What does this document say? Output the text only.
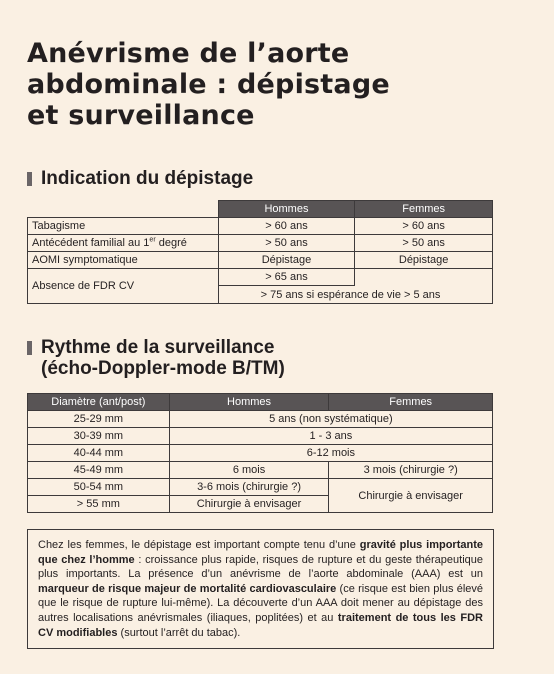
Anévrisme de l’aorte
abdominale : dépistage
et surveillance
Indication du dépistage
	Hommes	Femmes
Tabagisme	> 60 ans	> 60 ans
Antécédent familial au 1er degré	> 50 ans	> 50 ans
AOMI symptomatique	Dépistage	Dépistage
Absence de FDR CV	> 65 ans	
	> 75 ans si espérance de vie > 5 ans	
Rythme de la surveillance
(écho-Doppler-mode B/TM)
Diamètre (ant/post)	Hommes	Femmes
25-29 mm	5 ans (non systématique)	
30-39 mm	1 - 3 ans	
40-44 mm	6-12 mois	
45-49 mm	6 mois	3 mois (chirurgie ?)
50-54 mm	3-6 mois (chirurgie ?)	Chirurgie à envisager
> 55 mm	Chirurgie à envisager	
Chez les femmes, le dépistage est important compte tenu d’une gravité plus importante que chez l’homme : croissance plus rapide, risques de rupture et du geste thérapeutique plus importants. La présence d’un anévrisme de l’aorte abdominale (AAA) est un marqueur de risque majeur de mortalité cardiovasculaire (ce risque est bien plus élevé que le risque de rupture lui-même). La découverte d’un AAA doit mener au dépistage des autres localisations anévrismales (iliaques, poplitées) et au traitement de tous les FDR CV modifiables (surtout l’arrêt du tabac).
